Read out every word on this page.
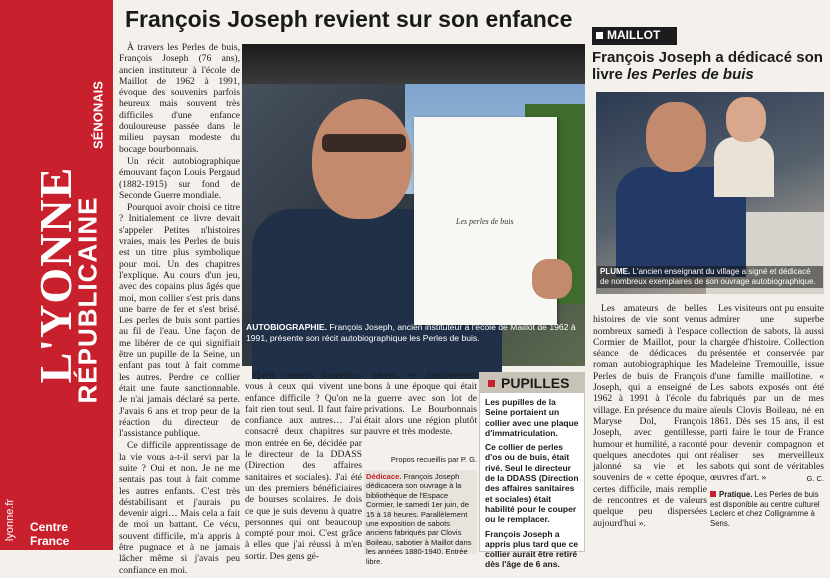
L'YONNE
RÉPUBLICAINE
SÉNONAIS
lyonne.fr Centre France
François Joseph revient sur son enfance

À travers les Perles de buis, François Joseph (76 ans), ancien instituteur à l'école de Maillot de 1962 à 1991, évoque des souvenirs parfois heureux mais souvent très difficiles d'une enfance douloureuse passée dans le milieu paysan modeste du bocage bourbonnais.

Un récit autobiographique émouvant façon Louis Pergaud (1882-1915) sur fond de Seconde Guerre mondiale.

Pourquoi avoir choisi ce titre ? Initialement ce livre devait s'appeler Petites n'histoires vraies, mais les Perles de buis est un titre plus symbolique pour moi. Un des chapitres l'explique. Au cours d'un jeu, avec des copains plus âgés que moi, mon collier s'est pris dans une barre de fer et s'est brisé. Les perles de buis sont parties au fil de l'eau. Une façon de me libérer de ce qui signifiait être un pupille de la Seine, un enfant pas tout à fait comme les autres. Perdre ce collier était une faute sanctionnable. Je n'ai jamais déclaré sa perte. J'avais 6 ans et trop peur de la réaction du directeur de l'assistance publique.

Ce difficile apprentissage de la vie vous a-t-il servi par la suite ? Oui et non. Je ne me sentais pas tout à fait comme les autres enfants. C'est très déstabilisant et j'aurais pu devenir aigri… Mais cela a fait de moi un battant. Ce vécu, souvent difficile, m'a appris à être pugnace et à ne jamais lâcher même si j'avais peu confiance en moi.

Les perles de buis
AUTOBIOGRAPHIE. François Joseph, ancien instituteur à l'école de Maillot de 1962 à 1991, présente son récit autobiographique les Perles de buis.

Quels conseils donneriez-vous à ceux qui vivent une enfance difficile ? Qu'on ne fait rien tout seul. Il faut faire confiance aux autres… J'ai consacré deux chapitres sur mon entrée en 6e, décidée par le directeur de la DDASS (Direction des affaires sanitaires et sociales). J'ai été un des premiers bénéficiaires de bourses scolaires. Je dois ce que je suis devenu à quatre personnes qui ont beaucoup compté pour moi. C'est grâce à elles que j'ai réussi à m'en sortir. Des gens gé-

néreux et foncièrement bons à une époque qui était la guerre avec son lot de privations. Le Bourbonnais était alors une région plutôt pauvre et très modeste.

Propos recueillis par P. G.
Dédicace. François Joseph dédicacera son ouvrage à la bibliothèque de l'Espace Cormier, le samedi 1er juin, de 15 à 18 heures. Parallèlement une exposition de sabots anciens fabriqués par Clovis Boileau, sabotier à Maillot dans les années 1880-1940. Entrée libre.
PUPILLES

Les pupilles de la Seine portaient un collier avec une plaque d'immatriculation.

Ce collier de perles d'os ou de buis, était rivé. Seul le directeur de la DDASS (Direction des affaires sanitaires et sociales) était habilité pour le couper ou le remplacer.

François Joseph a appris plus tard que ce collier aurait être retiré dès l'âge de 6 ans.

MAILLOT
François Joseph a dédicacé son livre les Perles de buis
PLUME. L'ancien enseignant du village a signé et dédicacé de nombreux exemplaires de son ouvrage autobiographique.

Les amateurs de belles histoires de vie sont venus nombreux samedi à l'espace Cormier de Maillot, pour la séance de dédicaces du roman autobiographique les Perles de buis de François Joseph, qui a enseigné de 1962 à 1991 à l'école du village. En présence du maire Maryse Dol, François Joseph, avec gentillesse, humour et humilité, a raconté quelques anecdotes qui ont jalonné sa vie et les souvenirs de « cette époque, certes difficile, mais remplie de rencontres et de valeurs quelque peu dispersées aujourd'hui ».

Les visiteurs ont pu ensuite admirer une superbe collection de sabots, là aussi chargée d'histoire. Collection présentée et conservée par Madeleine Tremouille, issue d'une famille maillotine. « Les sabots exposés ont été fabriqués par un de mes aïeuls Clovis Boileau, né en 1861. Dès ses 15 ans, il est parti faire le tour de France pour devenir compagnon et réaliser ses merveilleux sabots qui sont de véritables œuvres d'art. »	G. C.
Pratique. Les Perles de buis est disponible au centre culturel Leclerc et chez Colligramme à Sens.
